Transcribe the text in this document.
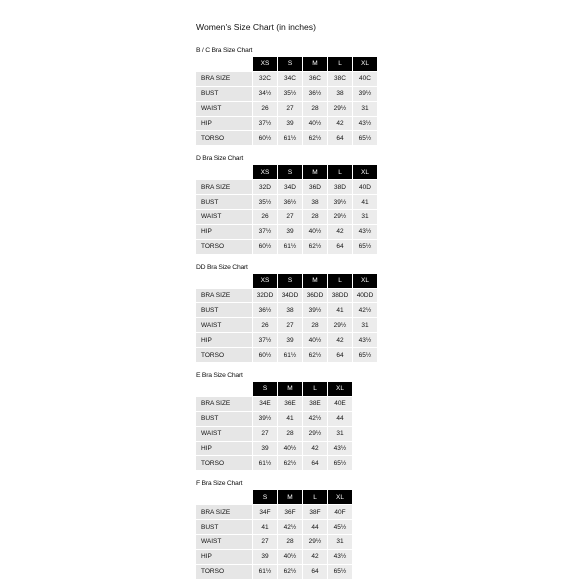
Women's Size Chart (in inches)
B / C Bra Size Chart
	XS	S	M	L	XL
BRA SIZE	32C	34C	36C	38C	40C
BUST	34½	35½	36½	38	39½
WAIST	26	27	28	29½	31
HIP	37½	39	40½	42	43½
TORSO	60½	61½	62½	64	65½
D Bra Size Chart
	XS	S	M	L	XL
BRA SIZE	32D	34D	36D	38D	40D
BUST	35½	36½	38	39½	41
WAIST	26	27	28	29½	31
HIP	37½	39	40½	42	43½
TORSO	60½	61½	62½	64	65½
DD Bra Size Chart
	XS	S	M	L	XL
BRA SIZE	32DD	34DD	36DD	38DD	40DD
BUST	36½	38	39½	41	42½
WAIST	26	27	28	29½	31
HIP	37½	39	40½	42	43½
TORSO	60½	61½	62½	64	65½
E Bra Size Chart
	S	M	L	XL
BRA SIZE	34E	36E	38E	40E
BUST	39½	41	42½	44
WAIST	27	28	29½	31
HIP	39	40½	42	43½
TORSO	61½	62½	64	65½
F Bra Size Chart
	S	M	L	XL
BRA SIZE	34F	36F	38F	40F
BUST	41	42½	44	45½
WAIST	27	28	29½	31
HIP	39	40½	42	43½
TORSO	61½	62½	64	65½
